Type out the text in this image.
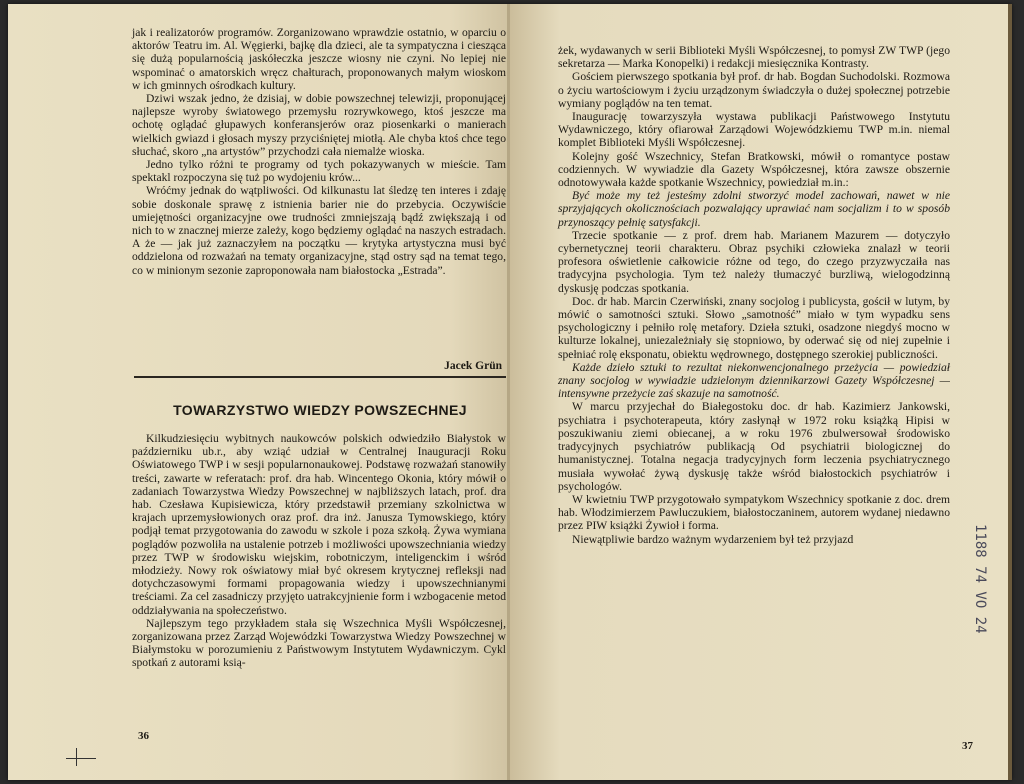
jak i realizatorów programów. Zorganizowano wprawdzie ostatnio, w oparciu o aktorów Teatru im. Al. Węgierki, bajkę dla dzieci, ale ta sympatyczna i ciesząca się dużą popularnością jaskółeczka jeszcze wiosny nie czyni. No lepiej nie wspominać o amatorskich wręcz chałturach, proponowanych małym wioskom w ich gminnych ośrodkach kultury.

Dziwi wszak jedno, że dzisiaj, w dobie powszechnej telewizji, proponującej najlepsze wyroby światowego przemysłu rozrywkowego, ktoś jeszcze ma ochotę oglądać głupawych konferansjerów oraz piosenkarki o manierach wielkich gwiazd i głosach myszy przyciśniętej miotłą. Ale chyba ktoś chce tego słuchać, skoro „na artystów” przychodzi cała niemalże wioska.

Jedno tylko różni te programy od tych pokazywanych w mieście. Tam spektakl rozpoczyna się tuż po wydojeniu krów...

Wróćmy jednak do wątpliwości. Od kilkunastu lat śledzę ten interes i zdaję sobie doskonale sprawę z istnienia barier nie do przebycia. Oczywiście umiejętności organizacyjne owe trudności zmniejszają bądź zwiększają i od nich to w znacznej mierze zależy, kogo będziemy oglądać na naszych estradach. A że — jak już zaznaczyłem na początku — krytyka artystyczna musi być oddzielona od rozważań na tematy organizacyjne, stąd ostry sąd na temat tego, co w minionym sezonie zaproponowała nam białostocka „Estrada”.

Jacek Grün
TOWARZYSTWO WIEDZY POWSZECHNEJ

Kilkudziesięciu wybitnych naukowców polskich odwiedziło Białystok w październiku ub.r., aby wziąć udział w Centralnej Inauguracji Roku Oświatowego TWP i w sesji popularnonaukowej. Podstawę rozważań stanowiły treści, zawarte w referatach: prof. dra hab. Wincentego Okonia, który mówił o zadaniach Towarzystwa Wiedzy Powszechnej w najbliższych latach, prof. dra hab. Czesława Kupisiewicza, który przedstawił przemiany szkolnictwa w krajach uprzemysłowionych oraz prof. dra inż. Janusza Tymowskiego, który podjął temat przygotowania do zawodu w szkole i poza szkołą. Żywa wymiana poglądów pozwoliła na ustalenie potrzeb i możliwości upowszechniania wiedzy przez TWP w środowisku wiejskim, robotniczym, inteligenckim i wśród młodzieży. Nowy rok oświatowy miał być okresem krytycznej refleksji nad dotychczasowymi formami propagowania wiedzy i upowszechnianymi treściami. Za cel zasadniczy przyjęto uatrakcyjnienie form i wzbogacenie metod oddziaływania na społeczeństwo.

Najlepszym tego przykładem stała się Wszechnica Myśli Współczesnej, zorganizowana przez Zarząd Wojewódzki Towarzystwa Wiedzy Powszechnej w Białymstoku w porozumieniu z Państwowym Instytutem Wydawniczym. Cykl spotkań z autorami ksią-

36

żek, wydawanych w serii Biblioteki Myśli Współczesnej, to pomysł ZW TWP (jego sekretarza — Marka Konopelki) i redakcji miesięcznika Kontrasty.

Gościem pierwszego spotkania był prof. dr hab. Bogdan Suchodolski. Rozmowa o życiu wartościowym i życiu urządzonym świadczyła o dużej społecznej potrzebie wymiany poglądów na ten temat.

Inaugurację towarzyszyła wystawa publikacji Państwowego Instytutu Wydawniczego, który ofiarował Zarządowi Wojewódzkiemu TWP m.in. niemal komplet Biblioteki Myśli Współczesnej.

Kolejny gość Wszechnicy, Stefan Bratkowski, mówił o romantyce postaw codziennych. W wywiadzie dla Gazety Współczesnej, która zawsze obszernie odnotowywała każde spotkanie Wszechnicy, powiedział m.in.:

Być może my też jesteśmy zdolni stworzyć model zachowań, nawet w nie sprzyjających okolicznościach pozwalający uprawiać nam socjalizm i to w sposób przynoszący pełnię satysfakcji.

Trzecie spotkanie — z prof. drem hab. Marianem Mazurem — dotyczyło cybernetycznej teorii charakteru. Obraz psychiki człowieka znalazł w teorii profesora oświetlenie całkowicie różne od tego, do czego przyzwyczaiła nas tradycyjna psychologia. Tym też należy tłumaczyć burzliwą, wielogodzinną dyskusję podczas spotkania.

Doc. dr hab. Marcin Czerwiński, znany socjolog i publicysta, gościł w lutym, by mówić o samotności sztuki. Słowo „samotność” miało w tym wypadku sens psychologiczny i pełniło rolę metafory. Dzieła sztuki, osadzone niegdyś mocno w kulturze lokalnej, uniezależniały się stopniowo, by oderwać się od niej zupełnie i spełniać rolę eksponatu, obiektu wędrownego, dostępnego szerokiej publiczności.

Każde dzieło sztuki to rezultat niekonwencjonalnego przeżycia — powiedział znany socjolog w wywiadzie udzielonym dziennikarzowi Gazety Współczesnej — intensywne przeżycie zaś skazuje na samotność.

W marcu przyjechał do Białegostoku doc. dr hab. Kazimierz Jankowski, psychiatra i psychoterapeuta, który zasłynął w 1972 roku książką Hipisi w poszukiwaniu ziemi obiecanej, a w roku 1976 zbulwersował środowisko tradycyjnych psychiatrów publikacją Od psychiatrii biologicznej do humanistycznej. Totalna negacja tradycyjnych form leczenia psychiatrycznego musiała wywołać żywą dyskusję także wśród białostockich psychiatrów i psychologów.

W kwietniu TWP przygotowało sympatykom Wszechnicy spotkanie z doc. drem hab. Włodzimierzem Pawluczukiem, białostoczaninem, autorem wydanej niedawno przez PIW książki Żywioł i forma.

Niewątpliwie bardzo ważnym wydarzeniem był też przyjazd

37
1188 74 VO 24
